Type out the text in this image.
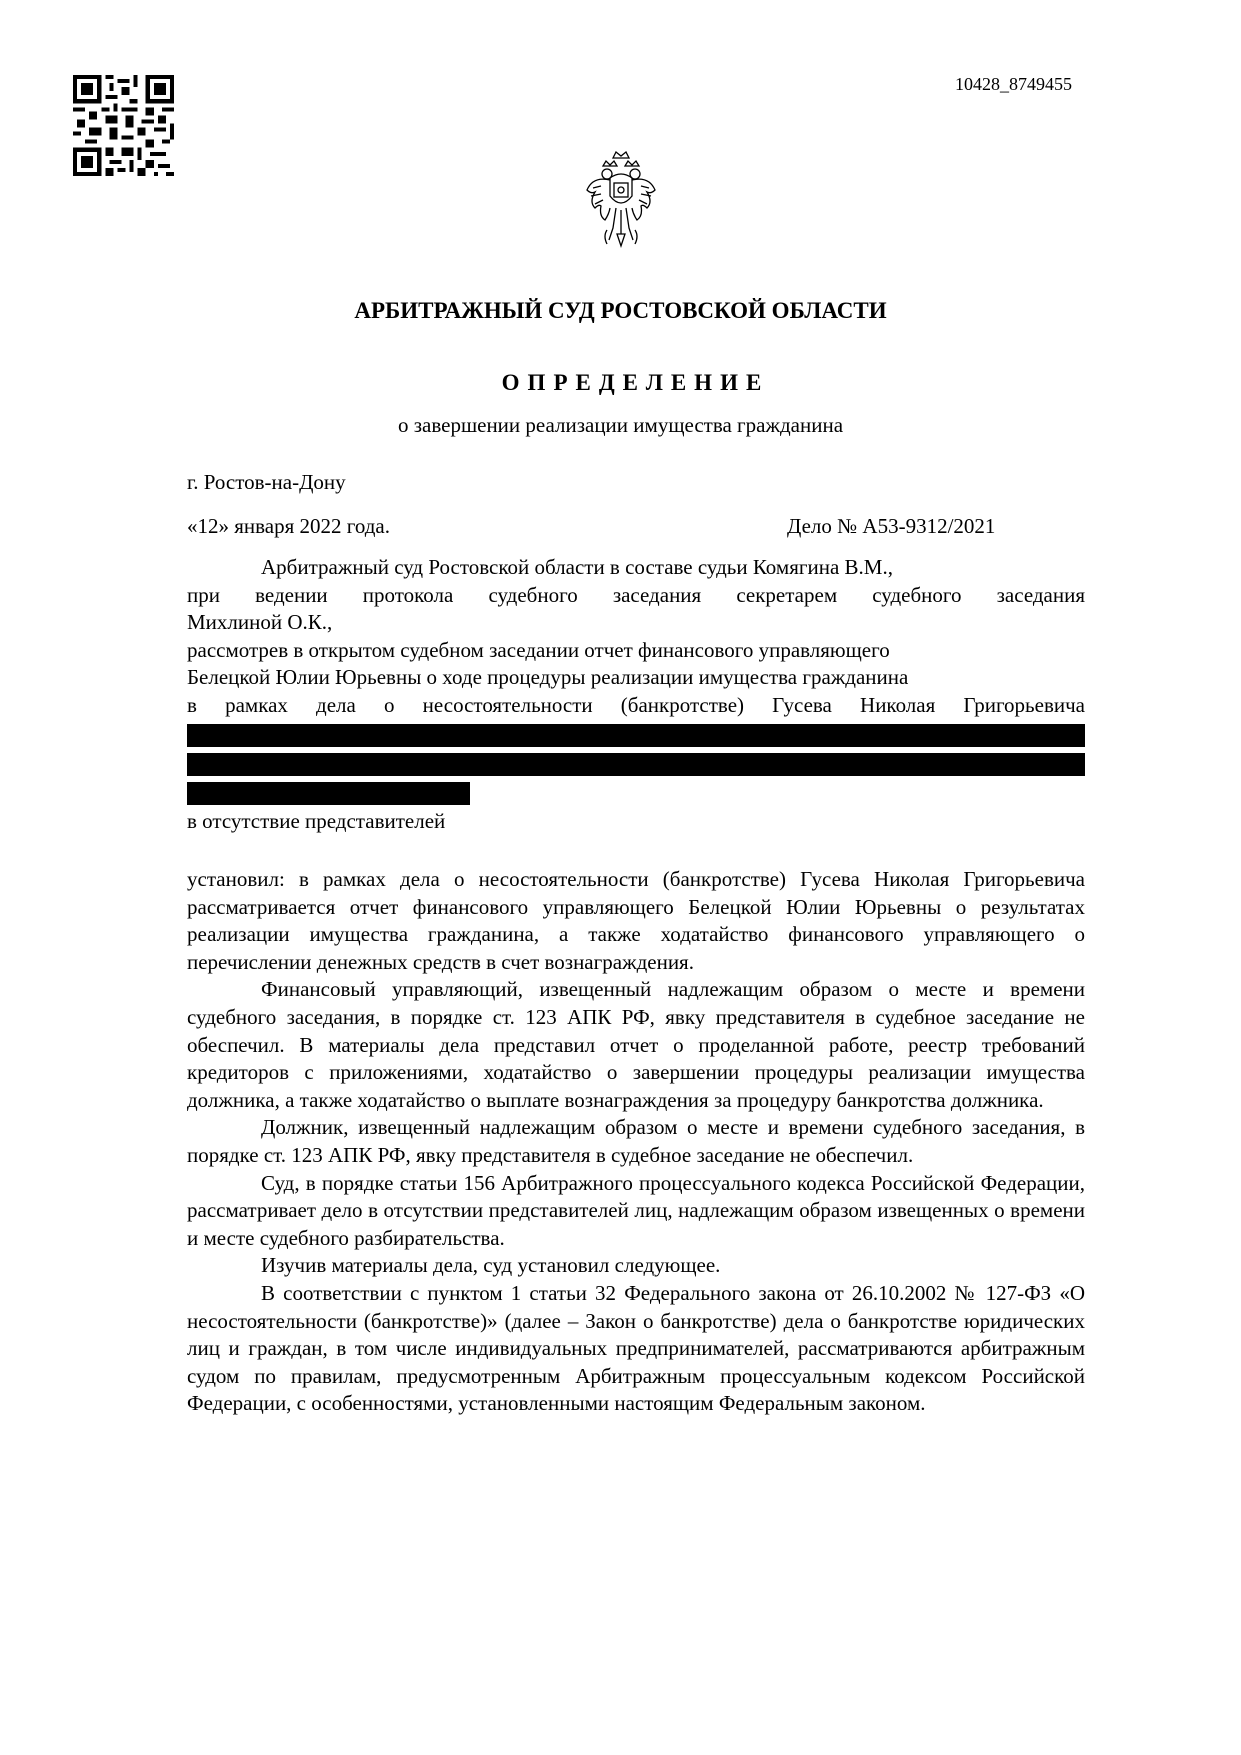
10428_8749455
АРБИТРАЖНЫЙ СУД РОСТОВСКОЙ ОБЛАСТИ
ОПРЕДЕЛЕНИЕ
о завершении реализации имущества гражданина
г. Ростов-на-Дону
«12» января 2022 года.	Дело № А53-9312/2021
Арбитражный суд Ростовской области в составе судьи Комягина В.М.,
при ведении протокола судебного заседания секретарем судебного заседания
Михлиной О.К.,
рассмотрев в открытом судебном заседании отчет финансового управляющего
Белецкой Юлии Юрьевны о ходе процедуры реализации имущества гражданина
в рамках дела о несостоятельности (банкротстве) Гусева Николая Григорьевича
в отсутствие представителей

установил: в рамках дела о несостоятельности (банкротстве) Гусева Николая Григорьевича рассматривается отчет финансового управляющего Белецкой Юлии Юрьевны о результатах реализации имущества гражданина, а также ходатайство финансового управляющего о перечислении денежных средств в счет вознаграждения.

Финансовый управляющий, извещенный надлежащим образом о месте и времени судебного заседания, в порядке ст. 123 АПК РФ, явку представителя в судебное заседание не обеспечил. В материалы дела представил отчет о проделанной работе, реестр требований кредиторов с приложениями, ходатайство о завершении процедуры реализации имущества должника, а также ходатайство о выплате вознаграждения за процедуру банкротства должника.

Должник, извещенный надлежащим образом о месте и времени судебного заседания, в порядке ст. 123 АПК РФ, явку представителя в судебное заседание не обеспечил.

Суд, в порядке статьи 156 Арбитражного процессуального кодекса Российской Федерации, рассматривает дело в отсутствии представителей лиц, надлежащим образом извещенных о времени и месте судебного разбирательства.

Изучив материалы дела, суд установил следующее.

В соответствии с пунктом 1 статьи 32 Федерального закона от 26.10.2002 № 127-ФЗ «О несостоятельности (банкротстве)» (далее – Закон о банкротстве) дела о банкротстве юридических лиц и граждан, в том числе индивидуальных предпринимателей, рассматриваются арбитражным судом по правилам, предусмотренным Арбитражным процессуальным кодексом Российской Федерации, с особенностями, установленными настоящим Федеральным законом.
